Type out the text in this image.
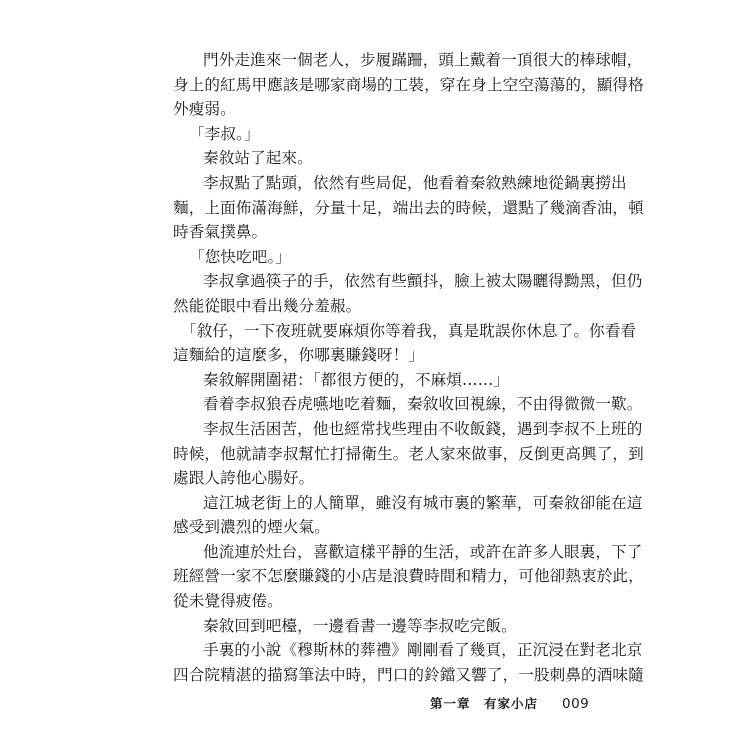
門外走進來一個老人，步履蹣跚，頭上戴着一頂很大的棒球帽，
身上的紅馬甲應該是哪家商場的工裝，穿在身上空空蕩蕩的，顯得格
外瘦弱。
「李叔。」
秦敘站了起來。
李叔點了點頭，依然有些局促，他看着秦敘熟練地從鍋裏撈出
麵，上面佈滿海鮮，分量十足，端出去的時候，還點了幾滴香油，頓
時香氣撲鼻。
「您快吃吧。」
李叔拿過筷子的手，依然有些顫抖，臉上被太陽曬得黝黑，但仍
然能從眼中看出幾分羞赧。
「敘仔，一下夜班就要麻煩你等着我，真是耽誤你休息了。你看看
這麵給的這麼多，你哪裏賺錢呀！」
秦敘解開圍裙：「都很方便的，不麻煩……」
看着李叔狼吞虎嚥地吃着麵，秦敘收回視線，不由得微微一歎。
李叔生活困苦，他也經常找些理由不收飯錢，遇到李叔不上班的
時候，他就請李叔幫忙打掃衛生。老人家來做事，反倒更高興了，到
處跟人誇他心腸好。
這江城老街上的人簡單，雖沒有城市裏的繁華，可秦敘卻能在這
感受到濃烈的煙火氣。
他流連於灶台，喜歡這樣平靜的生活，或許在許多人眼裏，下了
班經營一家不怎麼賺錢的小店是浪費時間和精力，可他卻熱衷於此，
從未覺得疲倦。
秦敘回到吧檯，一邊看書一邊等李叔吃完飯。
手裏的小說《穆斯林的葬禮》剛剛看了幾頁，正沉浸在對老北京
四合院精湛的描寫筆法中時，門口的鈴鐺又響了，一股刺鼻的酒味隨
第一章　有家小店 009
